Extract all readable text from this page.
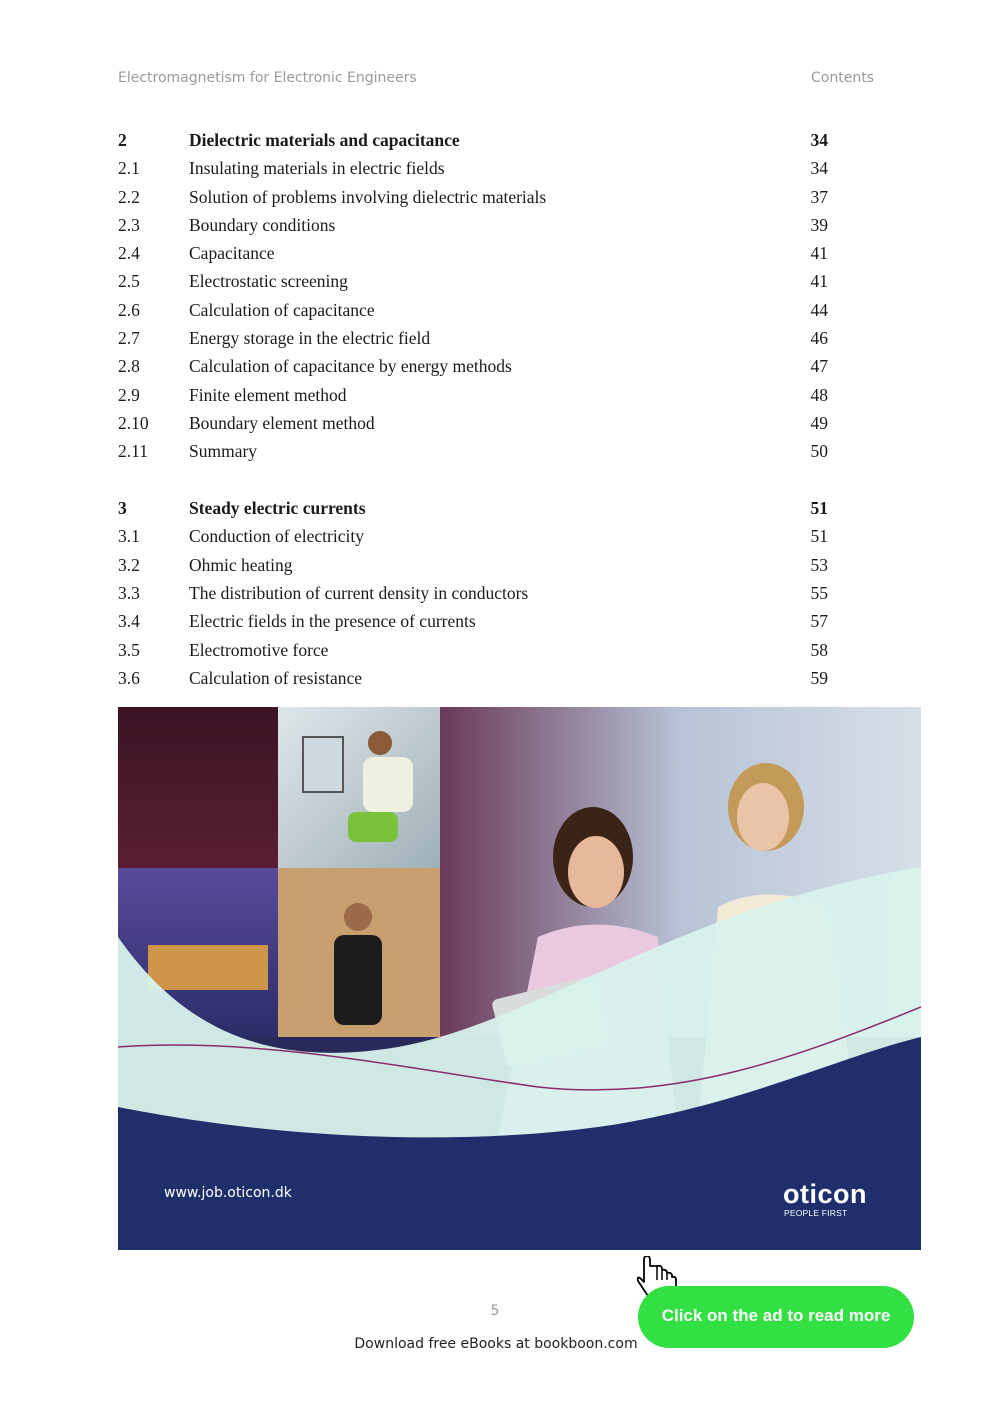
Electromagnetism for Electronic Engineers	Contents
2	Dielectric materials and capacitance	34
2.1	Insulating materials in electric fields	34
2.2	Solution of problems involving dielectric materials	37
2.3	Boundary conditions	39
2.4	Capacitance	41
2.5	Electrostatic screening	41
2.6	Calculation of capacitance	44
2.7	Energy storage in the electric field	46
2.8	Calculation of capacitance by energy methods	47
2.9	Finite element method	48
2.10 Boundary element method	49
2.11 Summary	50
3	Steady electric currents	51
3.1	Conduction of electricity	51
3.2	Ohmic heating	53
3.3	The distribution of current density in conductors	55
3.4	Electric fields in the presence of currents	57
3.5	Electromotive force	58
3.6	Calculation of resistance	59
www.job.oticon.dk	oticon
PEOPLE FIRST
5	Click on the ad to read more
Download free eBooks at bookboon.com
